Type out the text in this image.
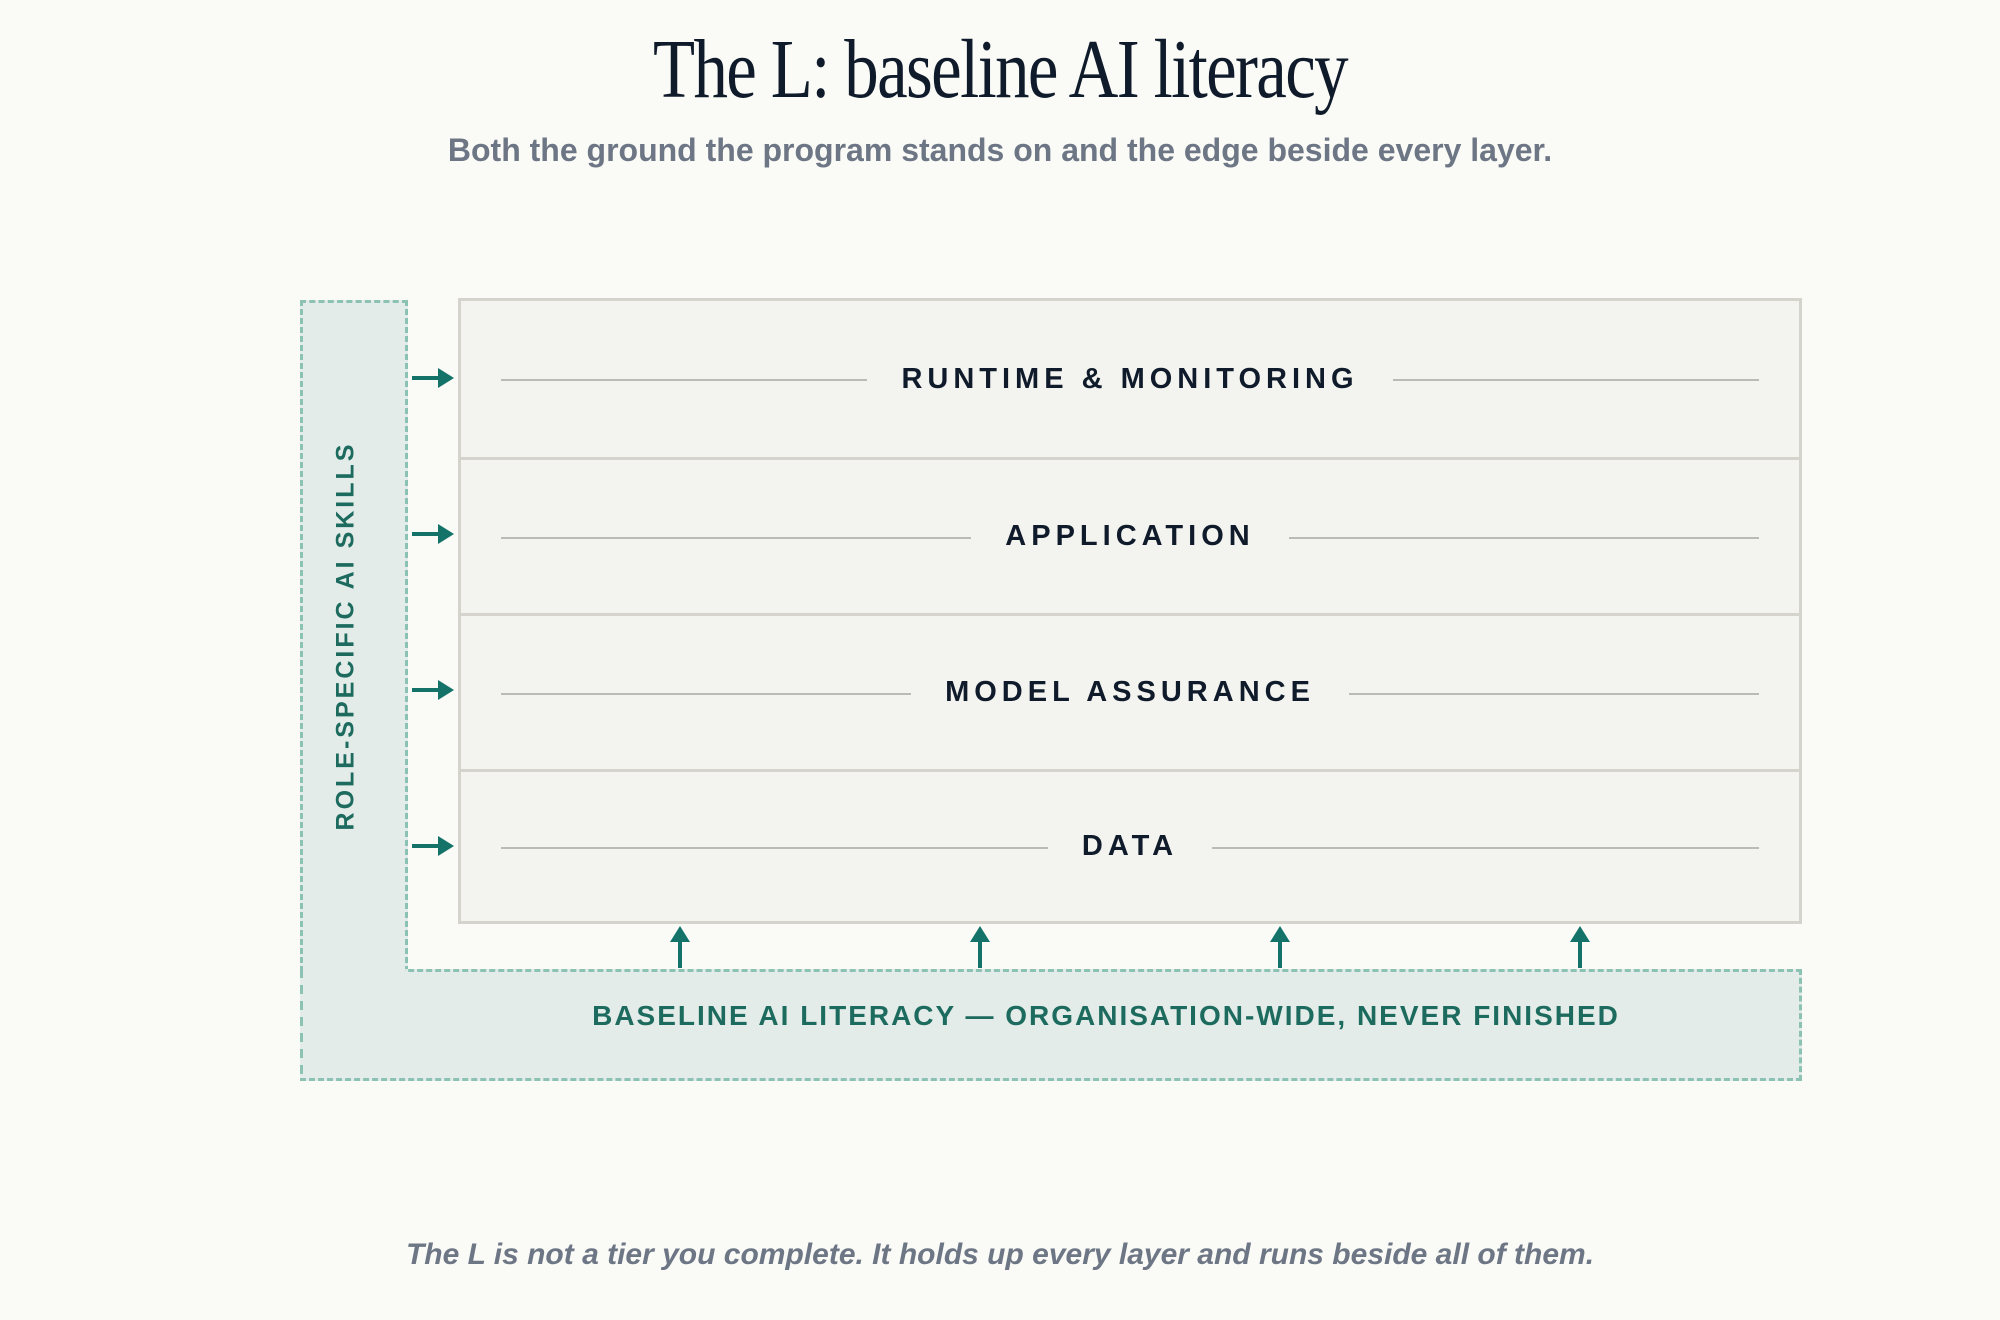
The L: baseline AI literacy
Both the ground the program stands on and the edge beside every layer.
ROLE-SPECIFIC AI SKILLS
BASELINE AI LITERACY — ORGANISATION-WIDE, NEVER FINISHED
RUNTIME & MONITORING
APPLICATION
MODEL ASSURANCE
DATA
The L is not a tier you complete. It holds up every layer and runs beside all of them.
